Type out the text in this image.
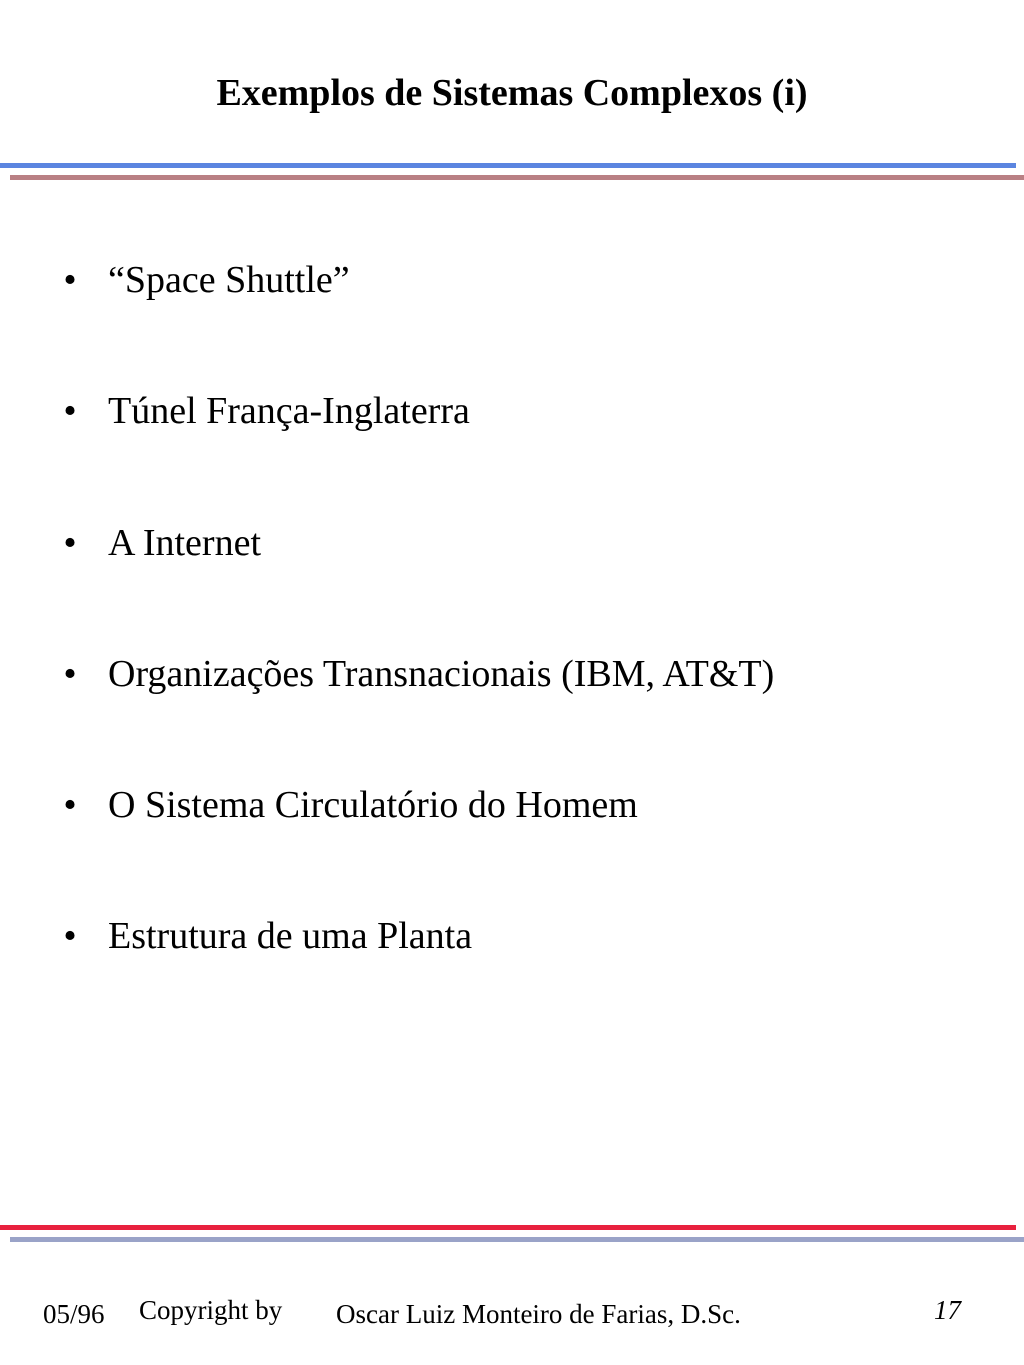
Exemplos de Sistemas Complexos (i)
• “Space Shuttle”
• Túnel França-Inglaterra
• A Internet
• Organizações Transnacionais (IBM, AT&T)
• O Sistema Circulatório do Homem
• Estrutura de uma Planta
05/96 Copyright by Oscar Luiz Monteiro de Farias, D.Sc.	17
